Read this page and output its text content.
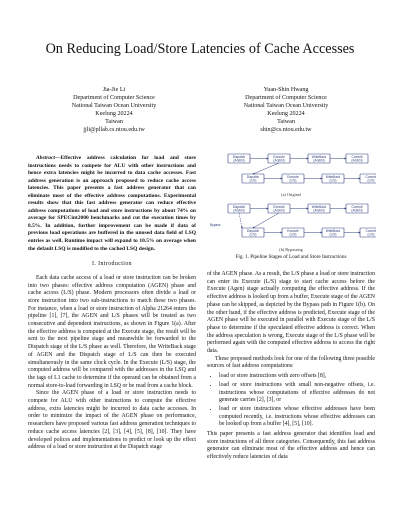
On Reducing Load/Store Latencies of Cache Accesses
Jia-Jie Li
Department of Computer Science
National Taiwan Ocean University
Keelung 20224
Taiwan
jjli@pllab.cs.ntou.edu.tw
Yuan-Shin Hwang
Department of Computer Science
National Taiwan Ocean University
Keelung 20224
Taiwan
shin@cs.ntou.edu.tw

Abstract—Effective address calculation for load and store instructions needs to compete for ALU with other instructions and hence extra latencies might be incurred to data cache accesses. Fast address generation is an approach proposed to reduce cache access latencies. This paper presents a fast address generator that can eliminate most of the effective address computations. Experimental results show that this fast address generator can reduce effective address computations of load and store instructions by about 74% on average for SPECint2000 benchmarks and cut the execution times by 8.5%. In addition, further improvement can be made if data of previous load operations are buffered in the unused data field of LSQ entries as well. Runtime impact will expand to 10.5% on average when the default LSQ is modified to the cached LSQ design.

I. Introduction

Each data cache access of a load or store instruction can be broken into two phases: effective address computation (AGEN) phase and cache access (L/S) phase. Modern processors often divide a load or store instruction into two sub-instructions to match these two phases. For instance, when a load or store instruction of Alpha 21264 enters the pipeline [1], [7], the AGEN and L/S phases will be treated as two consecutive and dependent instructions, as shown in Figure 1(a). After the effective address is computed at the Execute stage, the result will be sent to the next pipeline stage and meanwhile be forwarded to the Dispatch stage of the L/S phase as well. Therefore, the WriteBack stage of AGEN and the Dispatch stage of L/S can then be executed simultaneously in the same clock cycle. In the Execute (L/S) stage, the computed address will be compared with the addresses in the LSQ and the tags of L1 cache to determine if the operand can be obtained from a normal store-to-load forwarding in LSQ or be read from a cache block.

Since the AGEN phase of a load or store instruction needs to compete for ALU with other instructions to compute the effective address, extra latencies might be incurred to data cache accesses. In order to minimize the impact of the AGEN phase on performance, researchers have proposed various fast address generation techniques to reduce cache access latencies [2], [3], [4], [5], [8], [10]. They have developed polices and implementations to predict or look up the effect address of a load or store instruction at the Dispatch stage

Dispatch
(AGEN)
Execute
(AGEN)
WriteBack
(AGEN)
Commit
(AGEN)
Dispatch
(L/S)
Execute
(L/S)
WriteBack
(L/S)
Commit
(L/S)
(a) Original
Dispatch
(AGEN)
Execute
(AGEN)
WriteBack
(AGEN)
Commit
(AGEN)
Dispatch
(L/S)
Execute
(L/S)
WriteBack
(L/S)
Commit
(L/S)
Bypass
(b) Bypassing
Fig. 1. Pipeline Stages of Load and Store Instructions

of the AGEN phase. As a result, the L/S phase a load or store instruction can enter its Execute (L/S) stage to start cache access before the Execute (Agen) stage actually computing the effective address. If the effective address is looked up from a buffer, Execute stage of the AGEN phase can be skipped, as depicted by the Bypass path in Figure 1(b). On the other hand, if the effective address is predicted, Execute stage of the AGEN phase will be executed in parallel with Execute stage of the L/S phase to determine if the speculated effective address is correct. When the address speculation is wrong, Execute stage of the L/S phase will be performed again with the computed effective address to access the right data.

These proposed methods look for one of the following three possible sources of fast address computations:

• load or store instructions with zero offsets [8],
• load or store instructions with small non-negative offsets, i.e. instructions whose computations of effective addresses do not generate carries [2], [3], or
• load or store instructions whose effective addresses have been computed recently, i.e. instructions whose effective addresses can be looked up from a buffer [4], [5], [10].

This paper presents a fast address generator that identifies load and store instructions of all three categories. Consequently, this fast address generator can eliminate most of the effective address and hence can effectively reduce latencies of data
